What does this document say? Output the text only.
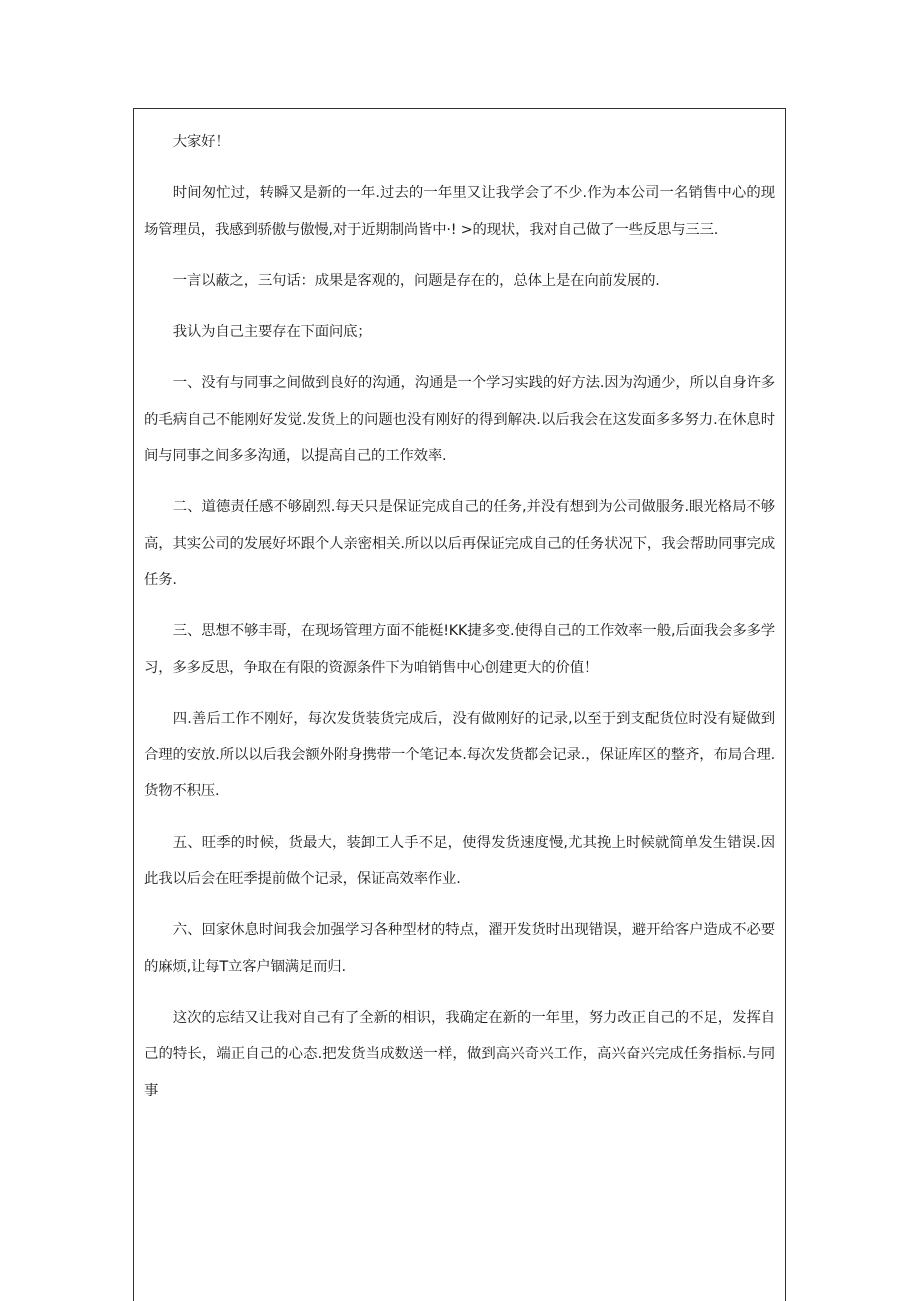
大家好！

时间匆忙过，转瞬又是新的一年.过去的一年里又让我学会了不少.作为本公司一名销售中心的现场管理员，我感到骄傲与傲慢,对于近期制尚皆中·! >的现状，我对自己做了一些反思与三三.

一言以蔽之，三句话：成果是客观的，问题是存在的，总体上是在向前发展的.

我认为自己主要存在下面问底；

一、没有与同事之间做到良好的沟通，沟通是一个学习实践的好方法.因为沟通少，所以自身许多的毛病自己不能刚好发觉.发货上的问题也没有刚好的得到解决.以后我会在这发面多多努力.在休息时间与同事之间多多沟通，以提高自己的工作效率.

二、道德责任感不够剧烈.每天只是保证完成自己的任务,并没有想到为公司做服务.眼光格局不够高，其实公司的发展好坏跟个人亲密相关.所以以后再保证完成自己的任务状况下，我会帮助同事完成任务.

三、思想不够丰哥，在现场管理方面不能梃!KK捷多变.使得自己的工作效率一般,后面我会多多学习，多多反思，争取在有限的资源条件下为咱销售中心创建更大的价值！

四.善后工作不刚好，每次发货装货完成后，没有做刚好的记录,以至于到支配货位时没有疑做到合理的安放.所以以后我会额外附身携带一个笔记本.每次发货都会记录.，保证库区的整齐，布局合理.货物不积压.

五、旺季的时候，货最大，装卸工人手不足，使得发货速度慢,尤其挽上时候就简单发生错误.因此我以后会在旺季提前做个记录，保证高效率作业.

六、回家休息时间我会加强学习各种型材的特点，濯开发货时出现错误，避开给客户造成不必要的麻烦,让每T立客户锢满足而归.

这次的忘结又让我对自己有了全新的相识，我确定在新的一年里，努力改正自己的不足，发挥自己的特长，端正自己的心态.把发货当成数送一样，做到高兴奇兴工作，高兴奋兴完成任务指标.与同事
